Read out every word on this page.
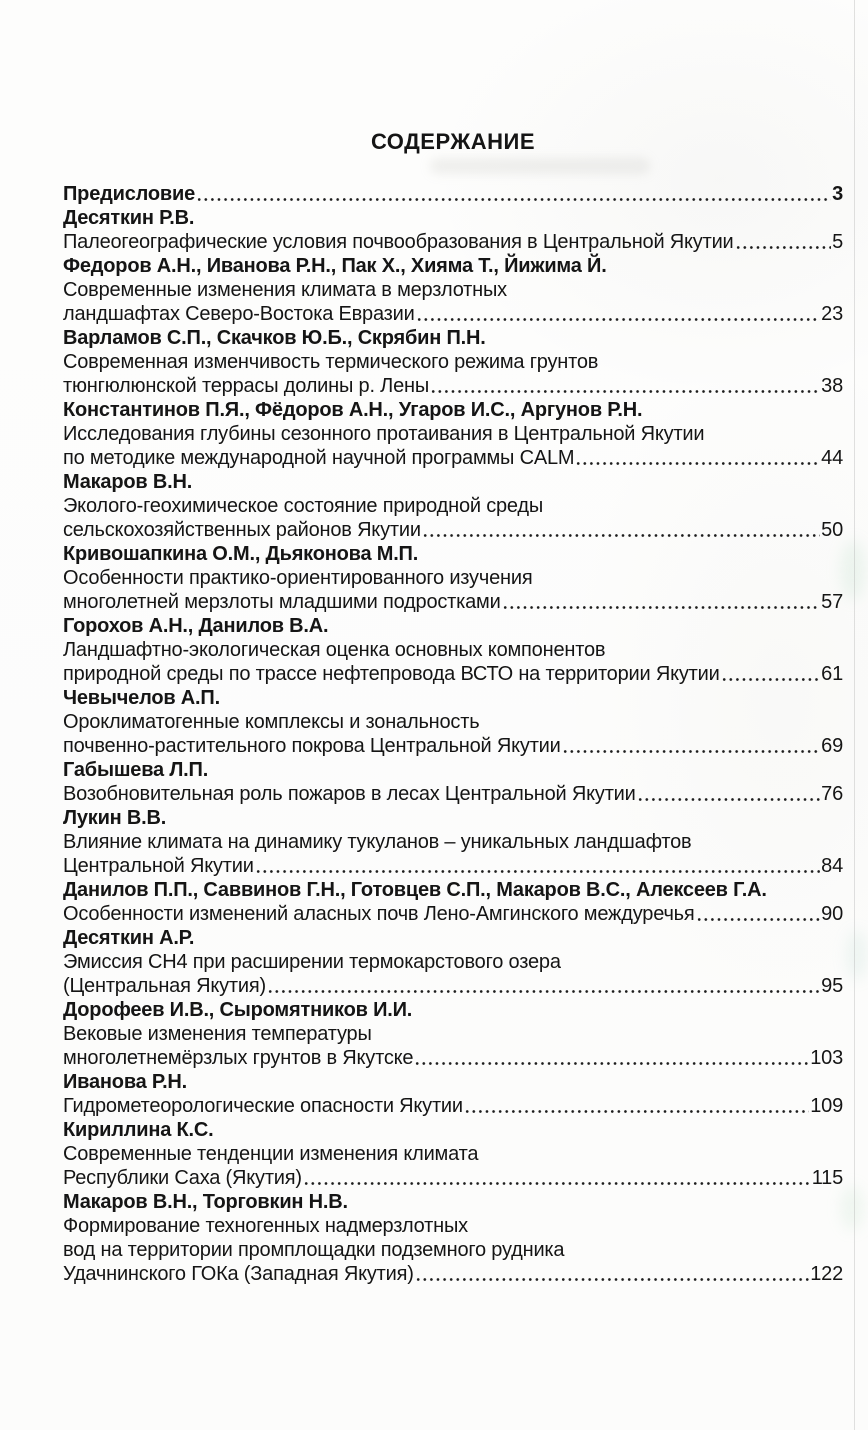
СОДЕРЖАНИЕ
Предисловие	3
Десяткин Р.В.
Палеогеографические условия почвообразования в Центральной Якутии	5
Федоров А.Н., Иванова Р.Н., Пак Х., Хияма Т., Йижима Й.
Современные изменения климата в мерзлотных
ландшафтах Северо-Востока Евразии	23
Варламов С.П., Скачков Ю.Б., Скрябин П.Н.
Современная изменчивость термического режима грунтов
тюнгюлюнской террасы долины р. Лены	38
Константинов П.Я., Фёдоров А.Н., Угаров И.С., Аргунов Р.Н.
Исследования глубины сезонного протаивания в Центральной Якутии
по методике международной научной программы CALM	44
Макаров В.Н.
Эколого-геохимическое состояние природной среды
сельскохозяйственных районов Якутии	50
Кривошапкина О.М., Дьяконова М.П.
Особенности практико-ориентированного изучения
многолетней мерзлоты младшими подростками	57
Горохов А.Н., Данилов В.А.
Ландшафтно-экологическая оценка основных компонентов
природной среды по трассе нефтепровода ВСТО на территории Якутии	61
Чевычелов А.П.
Ороклиматогенные комплексы и зональность
почвенно-растительного покрова Центральной Якутии	69
Габышева Л.П.
Возобновительная роль пожаров в лесах Центральной Якутии	76
Лукин В.В.
Влияние климата на динамику тукуланов – уникальных ландшафтов
Центральной Якутии	84
Данилов П.П., Саввинов Г.Н., Готовцев С.П., Макаров В.С., Алексеев Г.А.
Особенности изменений аласных почв Лено-Амгинского междуречья	90
Десяткин А.Р.
Эмиссия СН4 при расширении термокарстового озера
(Центральная Якутия)	95
Дорофеев И.В., Сыромятников И.И.
Вековые изменения температуры
многолетнемёрзлых грунтов в Якутске	103
Иванова Р.Н.
Гидрометеорологические опасности Якутии	109
Кириллина К.С.
Современные тенденции изменения климата
Республики Саха (Якутия)	115
Макаров В.Н., Торговкин Н.В.
Формирование техногенных надмерзлотных
вод на территории промплощадки подземного рудника
Удачнинского ГОКа (Западная Якутия)	122
